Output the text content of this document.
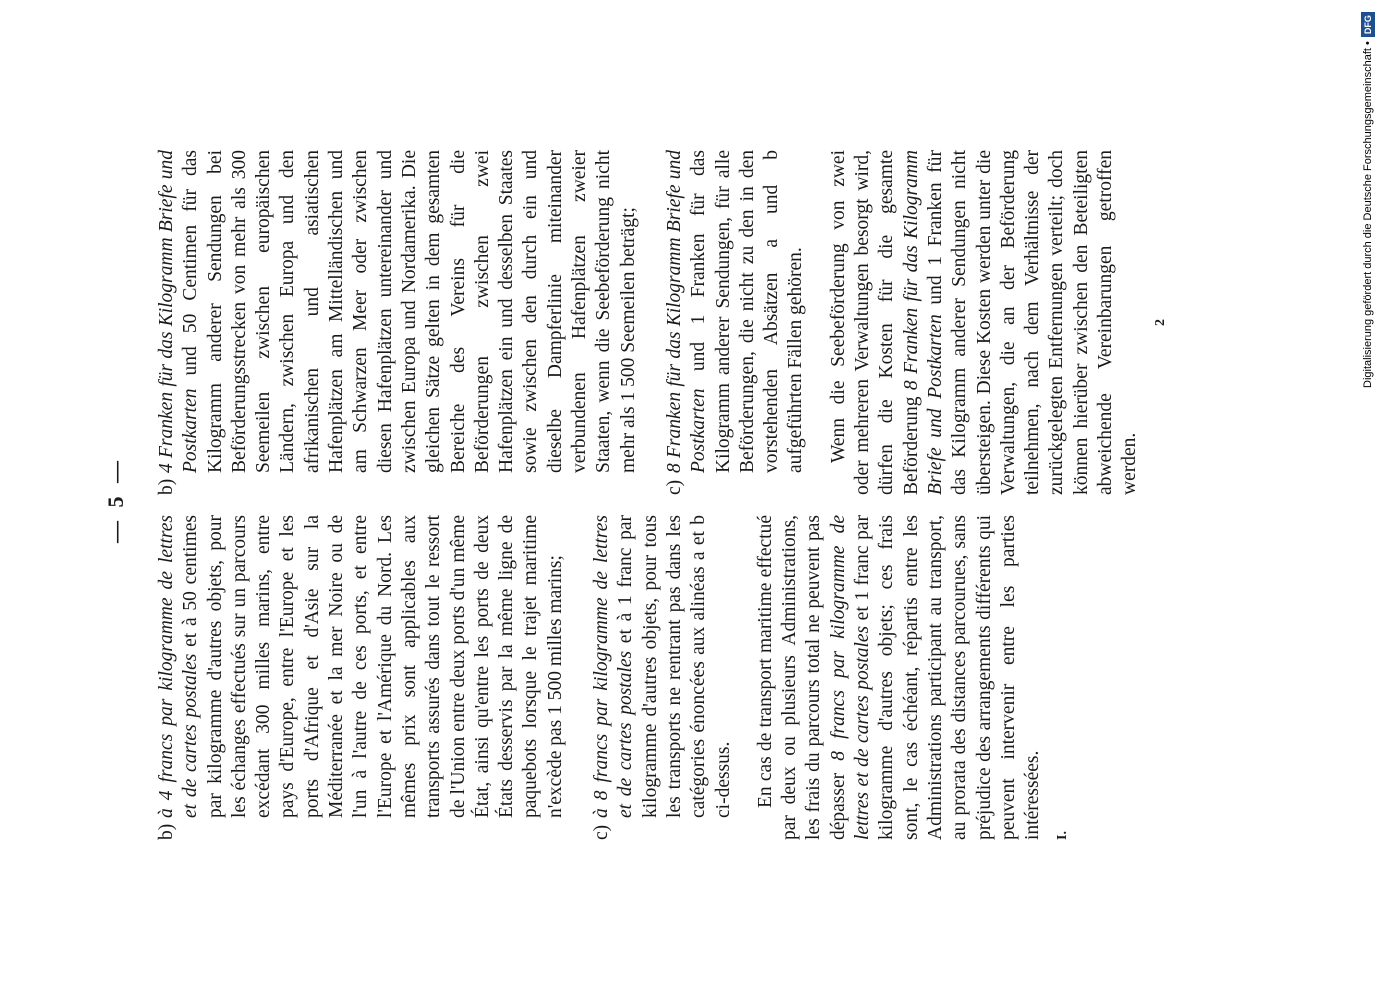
— 5 —

b)
à 4 francs par kilogramme de lettres et de cartes postales et à 50 centimes par kilogramme d'autres objets, pour les échanges effectués sur un parcours excédant 300 milles marins, entre pays d'Europe, entre l'Europe et les ports d'Afrique et d'Asie sur la Méditerranée et la mer Noire ou de l'un à l'autre de ces ports, et entre l'Europe et l'Amérique du Nord. Les mêmes prix sont applicables aux transports assurés dans tout le ressort de l'Union entre deux ports d'un même État, ainsi qu'entre les ports de deux États desservis par la même ligne de paquebots lorsque le trajet maritime n'excède pas 1 500 milles marins;

c)
à 8 francs par kilogramme de lettres et de cartes postales et à 1 franc par kilogramme d'autres objets, pour tous les transports ne rentrant pas dans les catégories énoncées aux alinéas a et b ci-dessus. En cas de transport maritime effectué par deux ou plusieurs Administrations, les frais du parcours total ne peuvent pas dépasser 8 francs par kilogramme de lettres et de cartes postales et 1 franc par kilogramme d'autres objets; ces frais sont, le cas échéant, répartis entre les Administrations participant au transport, au prorata des distances parcourues, sans préjudice des arrangements différents qui peuvent intervenir entre les parties intéressées. I.

b)
4 Franken für das Kilogramm Briefe und Postkarten und 50 Centimen für das Kilogramm anderer Sendungen bei Beförderungsstrecken von mehr als 300 Seemeilen zwischen europäischen Ländern, zwischen Europa und den afrikanischen und asiatischen Hafenplätzen am Mittelländischen und am Schwarzen Meer oder zwischen diesen Hafenplätzen untereinander und zwischen Europa und Nordamerika. Die gleichen Sätze gelten in dem gesamten Bereiche des Vereins für die Beförderungen zwischen zwei Hafenplätzen ein und desselben Staates sowie zwischen den durch ein und dieselbe Dampferlinie miteinander verbundenen Hafenplätzen zweier Staaten, wenn die Seebeförderung nicht mehr als 1 500 Seemeilen beträgt;

c)
8 Franken für das Kilogramm Briefe und Postkarten und 1 Franken für das Kilogramm anderer Sendungen, für alle Beförderungen, die nicht zu den in den vorstehenden Absätzen a und b aufgeführten Fällen gehören. Wenn die Seebeförderung von zwei oder mehreren Verwaltungen besorgt wird, dürfen die Kosten für die gesamte Beförderung 8 Franken für das Kilogramm Briefe und Postkarten und 1 Franken für das Kilogramm anderer Sendungen nicht übersteigen. Diese Kosten werden unter die Verwaltungen, die an der Beförderung teilnehmen, nach dem Verhältnisse der zurückgelegten Entfernungen verteilt; doch können hierüber zwischen den Beteiligten abweichende Vereinbarungen getroffen werden.

2	Digitalisierung gefördert durch die Deutsche Forschungsgemeinschaft •DFG
